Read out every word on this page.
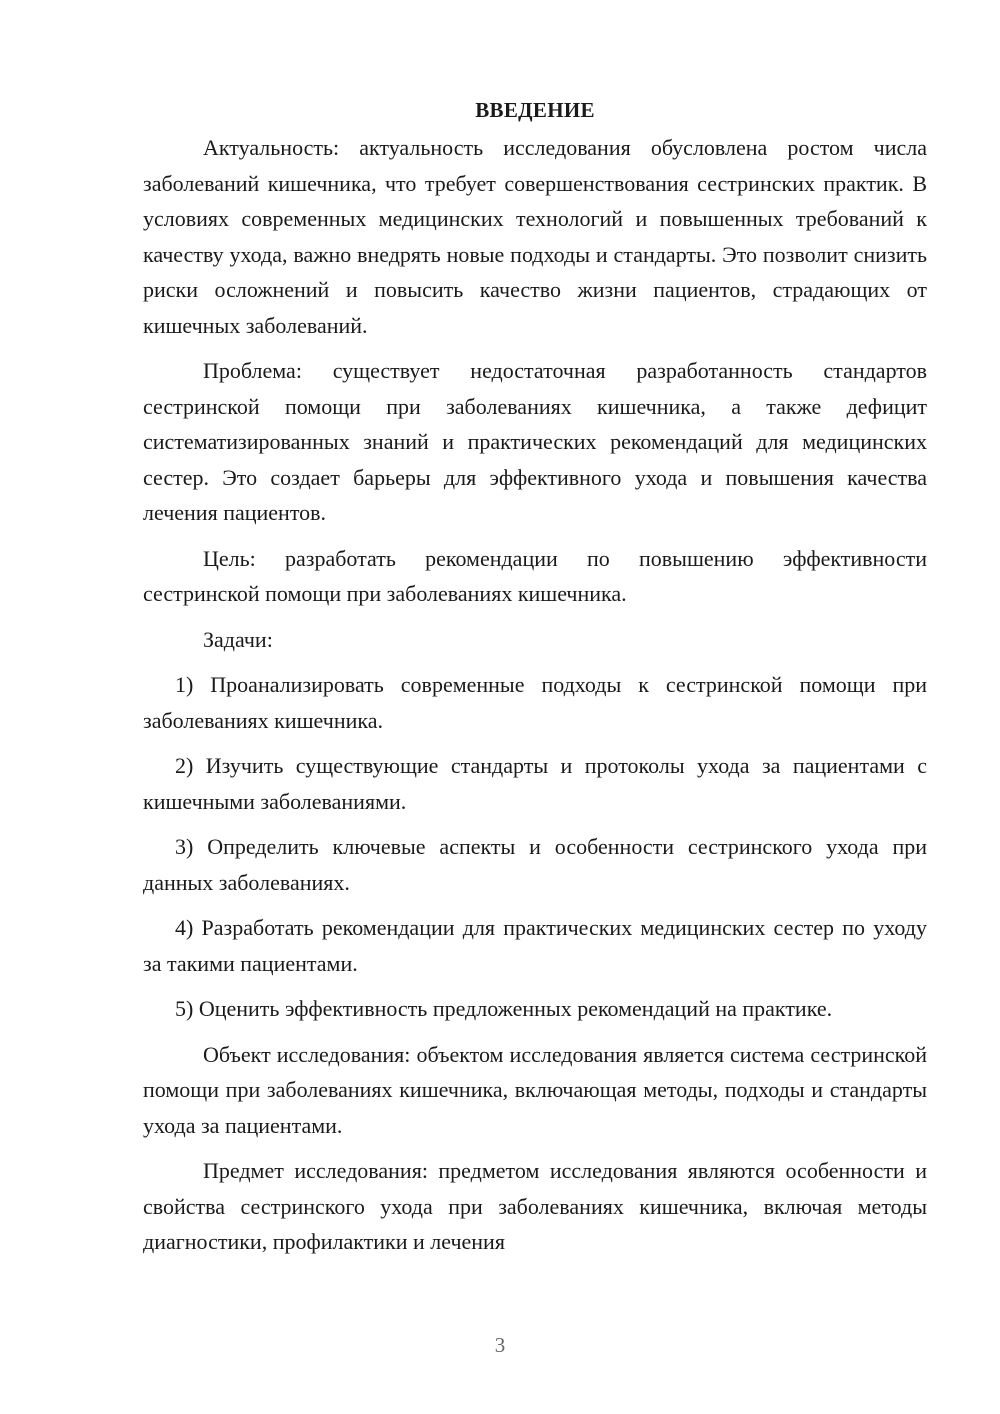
ВВЕДЕНИЕ

Актуальность: актуальность исследования обусловлена ростом числа заболеваний кишечника, что требует совершенствования сестринских практик. В условиях современных медицинских технологий и повышенных требований к качеству ухода, важно внедрять новые подходы и стандарты. Это позволит снизить риски осложнений и повысить качество жизни пациентов, страдающих от кишечных заболеваний.

Проблема: существует недостаточная разработанность стандартов сестринской помощи при заболеваниях кишечника, а также дефицит систематизированных знаний и практических рекомендаций для медицинских сестер. Это создает барьеры для эффективного ухода и повышения качества лечения пациентов.

Цель: разработать рекомендации по повышению эффективности сестринской помощи при заболеваниях кишечника.

Задачи:

1) Проанализировать современные подходы к сестринской помощи при заболеваниях кишечника.

2) Изучить существующие стандарты и протоколы ухода за пациентами с кишечными заболеваниями.

3) Определить ключевые аспекты и особенности сестринского ухода при данных заболеваниях.

4) Разработать рекомендации для практических медицинских сестер по уходу за такими пациентами.

5) Оценить эффективность предложенных рекомендаций на практике.

Объект исследования: объектом исследования является система сестринской помощи при заболеваниях кишечника, включающая методы, подходы и стандарты ухода за пациентами.

Предмет исследования: предметом исследования являются особенности и свойства сестринского ухода при заболеваниях кишечника, включая методы диагностики, профилактики и лечения

3
